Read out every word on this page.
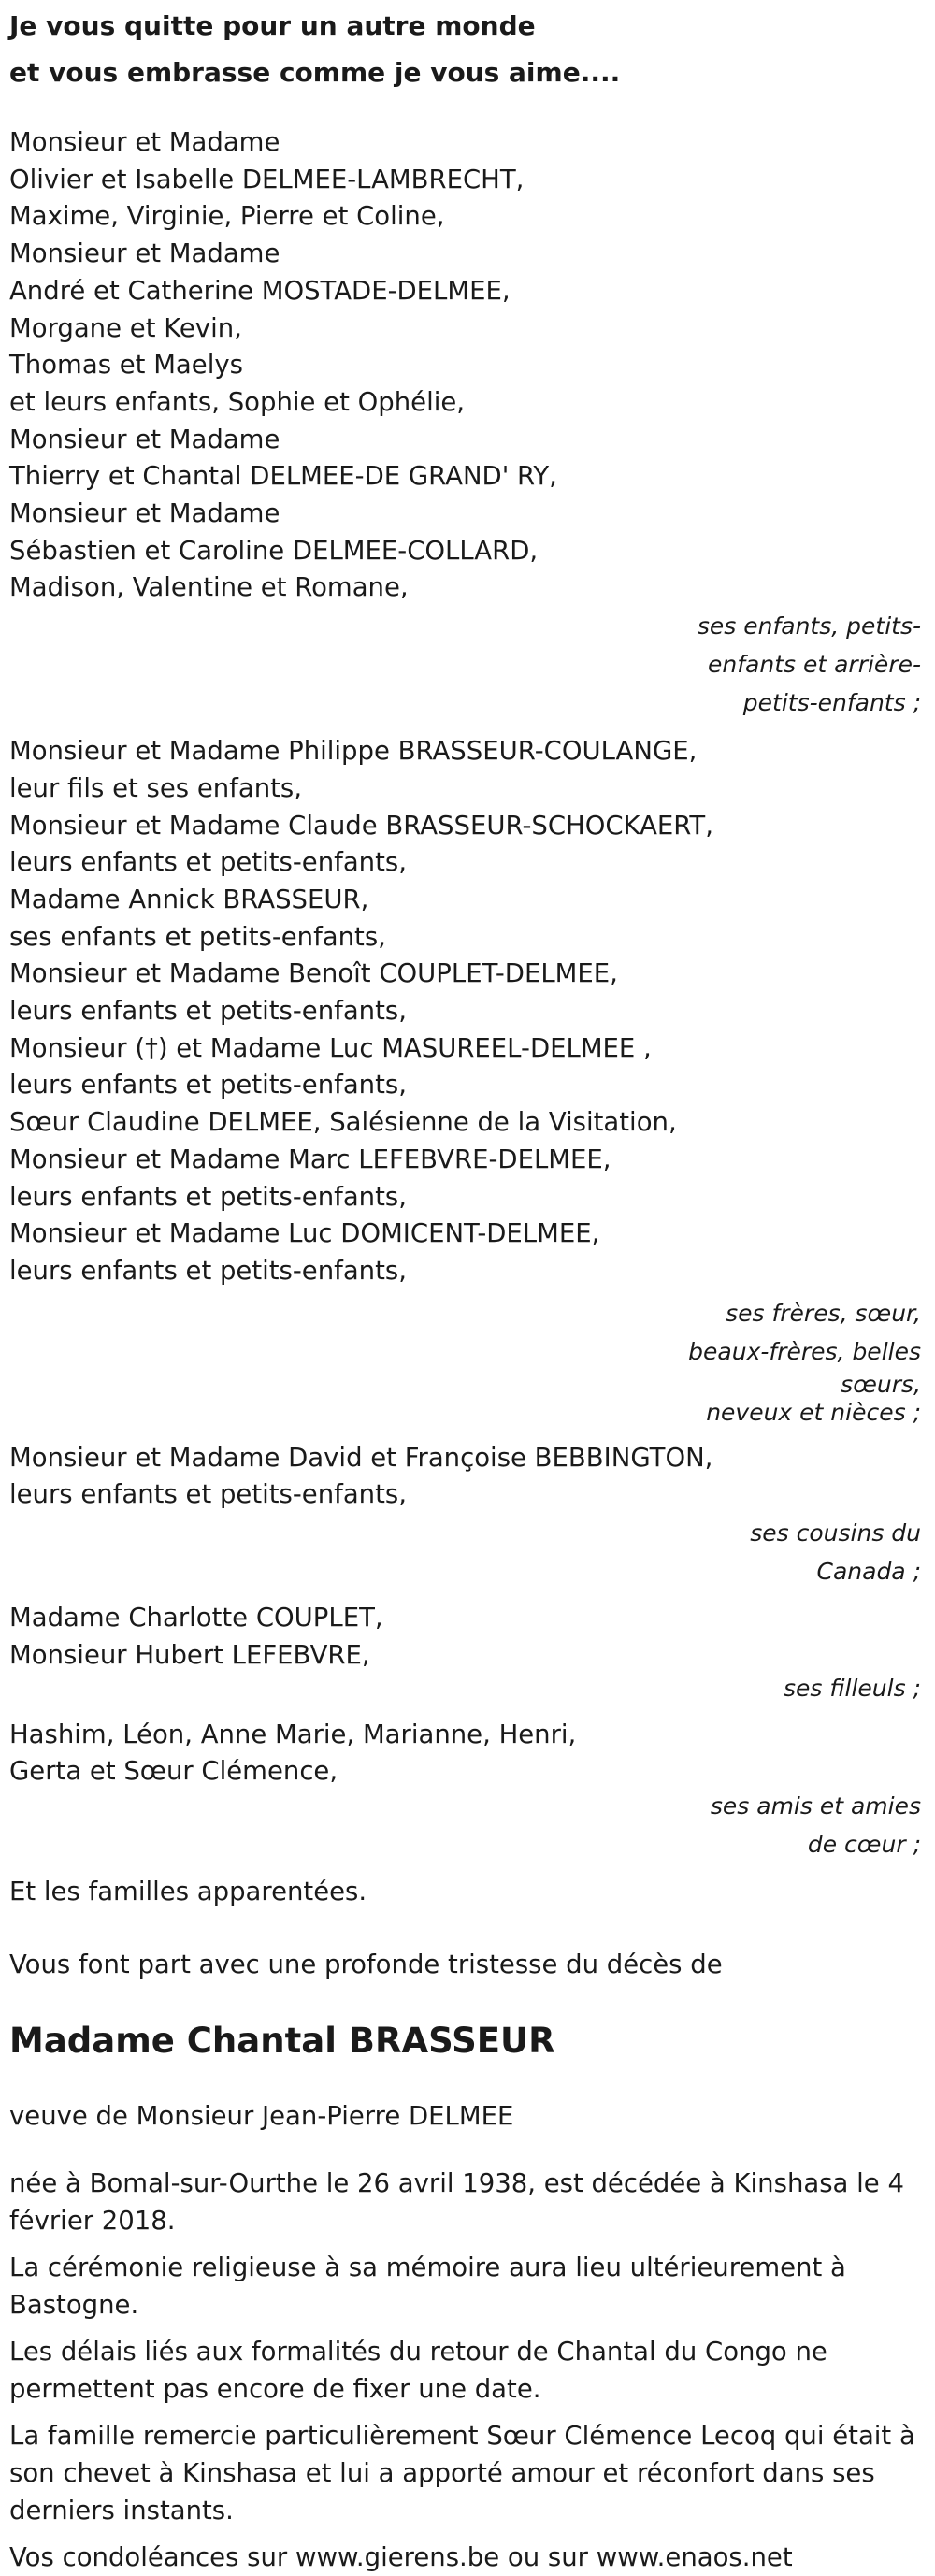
Je vous quitte pour un autre monde

et vous embrasse comme je vous aime....

Monsieur et Madame
Olivier et Isabelle DELMEE-LAMBRECHT,
Maxime, Virginie, Pierre et Coline,
Monsieur et Madame
André et Catherine MOSTADE-DELMEE,
Morgane et Kevin,
Thomas et Maelys
et leurs enfants, Sophie et Ophélie,
Monsieur et Madame
Thierry et Chantal DELMEE-DE GRAND' RY,
Monsieur et Madame
Sébastien et Caroline DELMEE-COLLARD,
Madison, Valentine et Romane,
ses enfants, petits-
enfants et arrière-
petits-enfants ;
Monsieur et Madame Philippe BRASSEUR-COULANGE,
leur fils et ses enfants,
Monsieur et Madame Claude BRASSEUR-SCHOCKAERT,
leurs enfants et petits-enfants,
Madame Annick BRASSEUR,
ses enfants et petits-enfants,
Monsieur et Madame Benoît COUPLET-DELMEE,
leurs enfants et petits-enfants,
Monsieur (†) et Madame Luc MASUREEL-DELMEE ,
leurs enfants et petits-enfants,
Sœur Claudine DELMEE, Salésienne de la Visitation,
Monsieur et Madame Marc LEFEBVRE-DELMEE,
leurs enfants et petits-enfants,
Monsieur et Madame Luc DOMICENT-DELMEE,
leurs enfants et petits-enfants,
ses frères, sœur,
beaux-frères, belles
sœurs,
neveux et nièces ;
Monsieur et Madame David et Françoise BEBBINGTON,
leurs enfants et petits-enfants,
ses cousins du
Canada ;
Madame Charlotte COUPLET,
Monsieur Hubert LEFEBVRE,
ses filleuls ;
Hashim, Léon, Anne Marie, Marianne, Henri,
Gerta et Sœur Clémence,
ses amis et amies
de cœur ;

Et les familles apparentées.

Vous font part avec une profonde tristesse du décès de

Madame Chantal BRASSEUR

veuve de Monsieur Jean-Pierre DELMEE

née à Bomal-sur-Ourthe le 26 avril 1938, est décédée à Kinshasa le 4 février 2018.

La cérémonie religieuse à sa mémoire aura lieu ultérieurement à Bastogne.

Les délais liés aux formalités du retour de Chantal du Congo ne permettent pas encore de fixer une date.

La famille remercie particulièrement Sœur Clémence Lecoq qui était à son chevet à Kinshasa et lui a apporté amour et réconfort dans ses derniers instants.

Vos condoléances sur www.gierens.be ou sur www.enaos.net
